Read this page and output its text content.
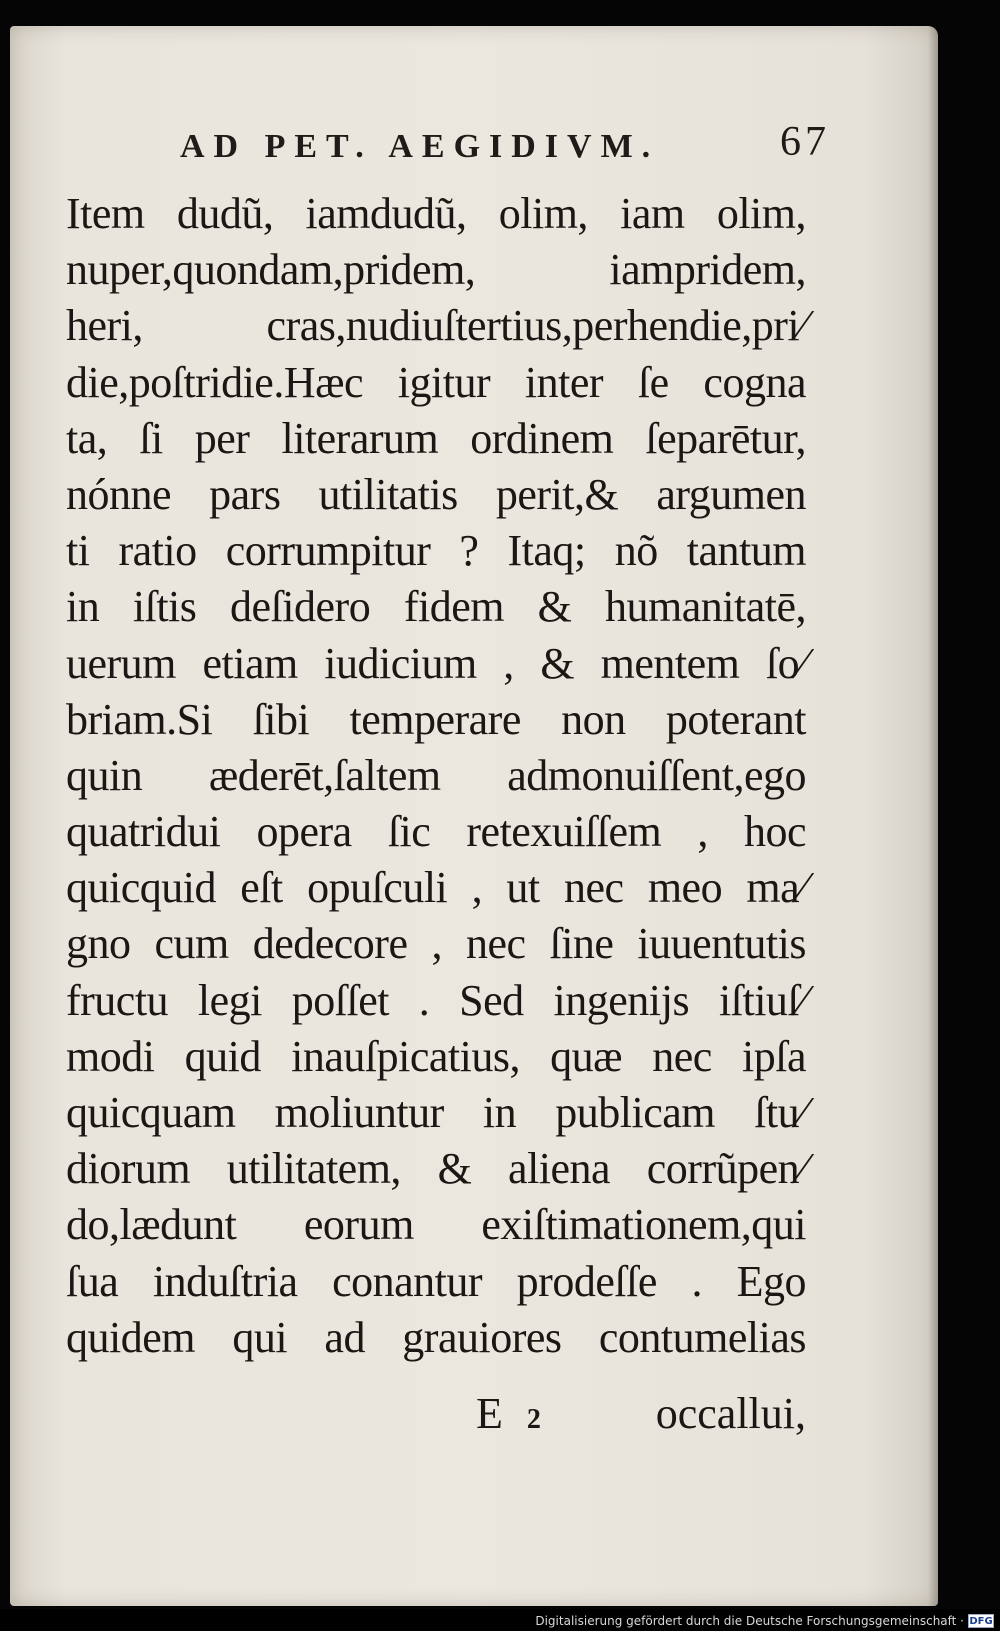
AD PET. AEGIDIVM.	67
Item dudũ, iamdudũ, olim, iam olim,
nuper,quondam,pridem, iampridem,
heri, cras,nudiuſtertius,perhendie,pri⁄
die,poſtridie.Hæc igitur inter ſe cogna
ta, ſi per literarum ordinem ſeparētur,
nónne pars utilitatis perit,& argumen
ti ratio corrumpitur ? Itaq; nõ tantum
in iſtis deſidero fidem & humanitatē,
uerum etiam iudicium , & mentem ſo⁄
briam.Si ſibi temperare non poterant
quin æderēt,ſaltem admonuiſſent,ego
quatridui opera ſic retexuiſſem , hoc
quicquid eſt opuſculi , ut nec meo ma⁄
gno cum dedecore , nec ſine iuuentutis
fructu legi poſſet . Sed ingenĳs iſtiuſ⁄
modi quid inauſpicatius, quæ nec ipſa
quicquam moliuntur in publicam ſtu⁄
diorum utilitatem, & aliena corrũpen⁄
do,lædunt eorum exiſtimationem,qui
ſua induſtria conantur prodeſſe . Ego
quidem qui ad grauiores contumelias
E 2	occallui,
Digitalisierung gefördert durch die Deutsche Forschungsgemeinschaft · DFG
